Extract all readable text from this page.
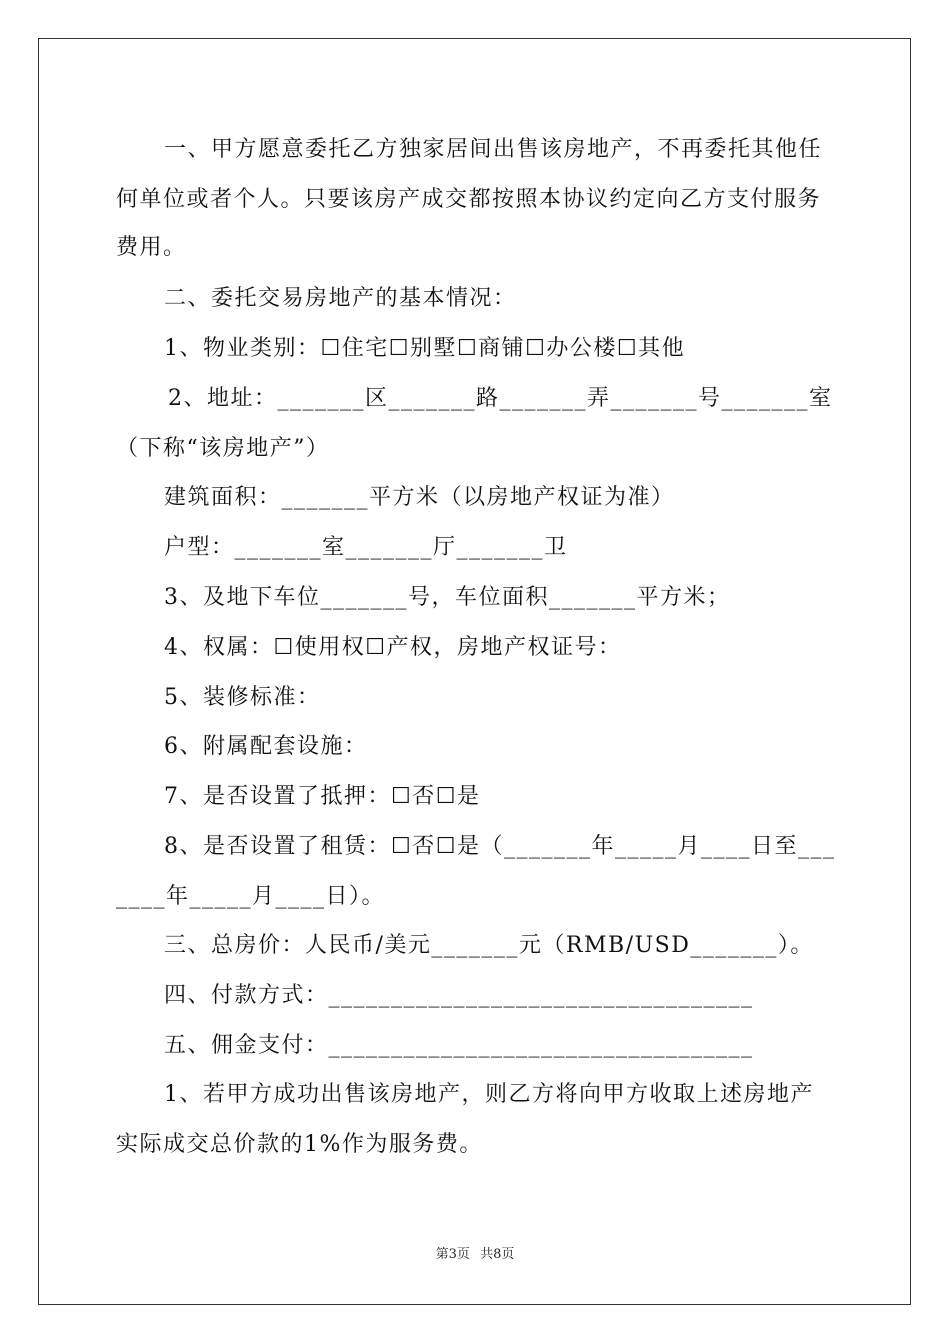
一、甲方愿意委托乙方独家居间出售该房地产，不再委托其他任
何单位或者个人。只要该房产成交都按照本协议约定向乙方支付服务
费用。
二、委托交易房地产的基本情况：
1、物业类别：☐住宅☐别墅☐商铺☐办公楼☐其他
2、地址：_______区_______路_______弄_______号_______室
（下称“该房地产”）
建筑面积：_______平方米（以房地产权证为准）
户型：_______室_______厅_______卫
3、及地下车位_______号，车位面积_______平方米；
4、权属：☐使用权☐产权，房地产权证号：
5、装修标准：
6、附属配套设施：
7、是否设置了抵押：☐否☐是
8、是否设置了租赁：☐否☐是（_______年_____月____日至___
____年_____月____日）。
三、总房价：人民币/美元_______元（RMB/USD_______）。
四、付款方式：__________________________________
五、佣金支付：__________________________________
1、若甲方成功出售该房地产，则乙方将向甲方收取上述房地产
实际成交总价款的1%作为服务费。
第3页 共8页
